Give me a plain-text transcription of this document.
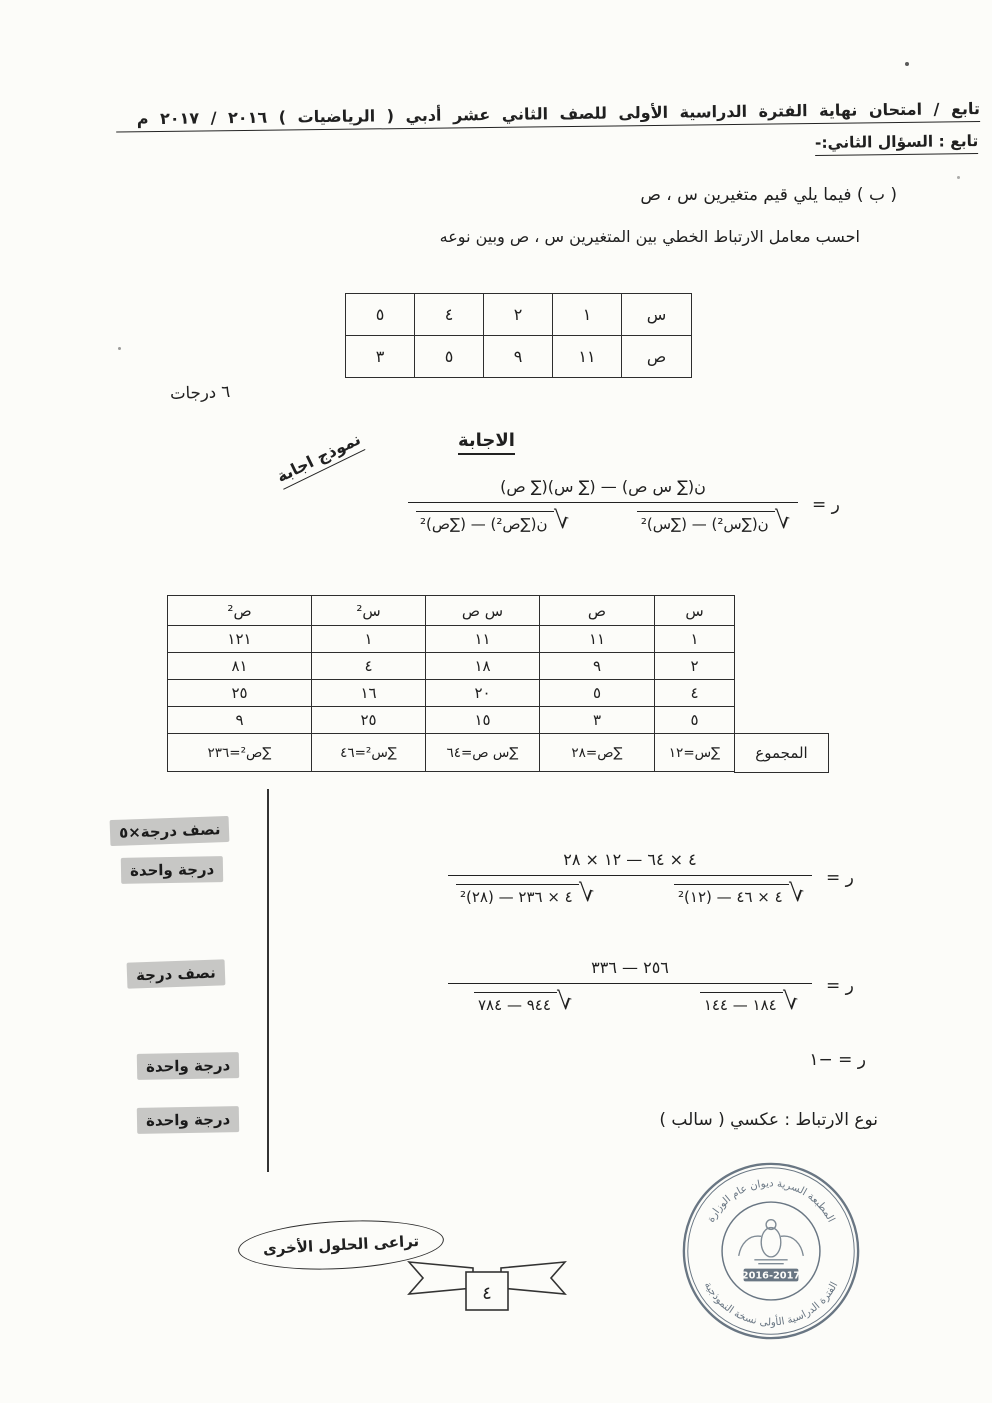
تابع / امتحان نهاية الفترة الدراسية الأولى للصف الثاني عشر أدبي ( الرياضيات ) ٢٠١٦ / ٢٠١٧ م
تابع : السؤال الثاني:-
( ب ) فيما يلي قيم متغيرين س ، ص
احسب معامل الارتباط الخطي بين المتغيرين س ، ص وبين نوعه
س	١	٢	٤	٥
ص	١١	٩	٥	٣
٦ درجات
نموذج اجابة	الاجابة
ر =
ن(∑ س ص) — (∑ س)(∑ ص)
√
ن(∑س²) — (∑س)²
√
ن(∑ص²) — (∑ص)²
س	ص	س ص	س²	ص²
١	١١	١١	١	١٢١
٢	٩	١٨	٤	٨١
٤	٥	٢٠	١٦	٢٥
٥	٣	١٥	٢٥	٩
∑س=١٢	∑ص=٢٨	∑س ص=٦٤	∑س²=٤٦	∑ص²=٢٣٦	المجموع
نصف درجة×٥
درجة واحدة
نصف درجة
درجة واحدة
درجة واحدة
ر =
٤ × ٦٤ — ١٢ × ٢٨
√
٤ × ٤٦ — (١٢)²
√
٤ × ٢٣٦ — (٢٨)²
ر =
٢٥٦ — ٣٣٦
√
١٨٤ — ١٤٤
√
٩٤٤ — ٧٨٤
ر = −١
نوع الارتباط : عكسي ( سالب )
تراعى الحلول الأخرى
٤
المطبعة السرية ديوان عام الوزارة
الفترة الدراسية الأولى نسخة النموذجية
2016-2017
